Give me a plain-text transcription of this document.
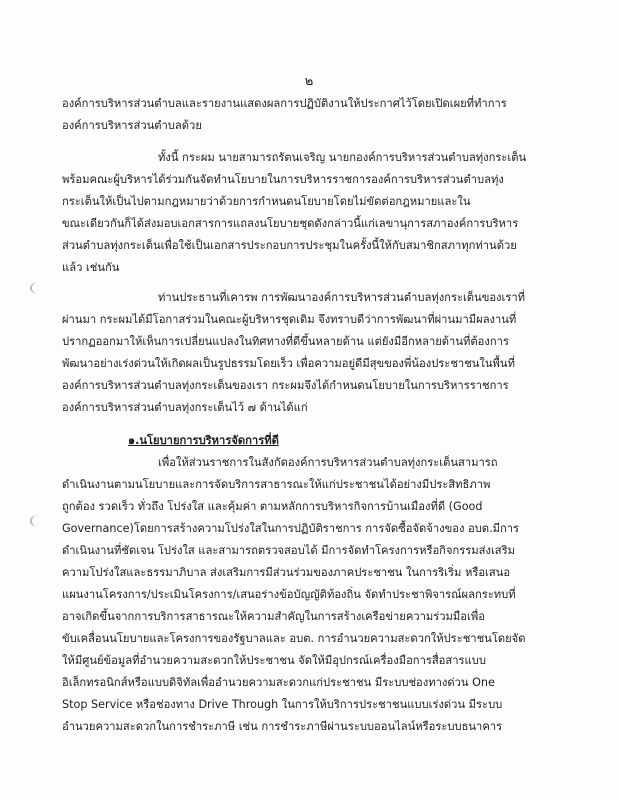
๒
องค์การบริหารส่วนตำบลและรายงานแสดงผลการปฏิบัติงานให้ประกาศไว้โดยเปิดเผยที่ทำการ
องค์การบริหารส่วนตำบลด้วย
ทั้งนี้ กระผม นายสามารถรัตนเจริญ นายกองค์การบริหารส่วนตำบลทุ่งกระเต็น
พร้อมคณะผู้บริหารได้ร่วมกันจัดทำนโยบายในการบริหารราชการองค์การบริหารส่วนตำบลทุ่ง
กระเต็นให้เป็นไปตามกฎหมายว่าด้วยการกำหนดนโยบายโดยไม่ขัดต่อกฎหมายและใน
ขณะเดียวกันก็ได้ส่งมอบเอกสารการแถลงนโยบายชุดดังกล่าวนี้แก่เลขานุการสภาองค์การบริหาร
ส่วนตำบลทุ่งกระเต็นเพื่อใช้เป็นเอกสารประกอบการประชุมในครั้งนี้ให้กับสมาชิกสภาทุกท่านด้วย
แล้ว เช่นกัน
ท่านประธานที่เคารพ การพัฒนาองค์การบริหารส่วนตำบลทุ่งกระเต็นของเราที่
ผ่านมา กระผมได้มีโอกาสร่วมในคณะผู้บริหารชุดเดิม จึงทราบดีว่าการพัฒนาที่ผ่านมามีผลงานที่
ปรากฏออกมาให้เห็นการเปลี่ยนแปลงในทิศทางที่ดีขึ้นหลายด้าน แต่ยังมีอีกหลายด้านที่ต้องการ
พัฒนาอย่างเร่งด่วนให้เกิดผลเป็นรูปธรรมโดยเร็ว เพื่อความอยู่ดีมีสุขของพี่น้องประชาชนในพื้นที่
องค์การบริหารส่วนตำบลทุ่งกระเต็นของเรา กระผมจึงได้กำหนดนโยบายในการบริหารราชการ
องค์การบริหารส่วนตำบลทุ่งกระเต็นไว้ ๗ ด้านได้แก่
๑.นโยบายการบริหารจัดการที่ดี
เพื่อให้ส่วนราชการในสังกัดองค์การบริหารส่วนตำบลทุ่งกระเต็นสามารถ
ดำเนินงานตามนโยบายและการจัดบริการสาธารณะให้แก่ประชาชนได้อย่างมีประสิทธิภาพ
ถูกต้อง รวดเร็ว ทั่วถึง โปร่งใส และคุ้มค่า ตามหลักการบริหารกิจการบ้านเมืองที่ดี (Good
Governance)โดยการสร้างความโปร่งใสในการปฏิบัติราชการ การจัดซื้อจัดจ้างของ อบต.มีการ
ดำเนินงานที่ชัดเจน โปร่งใส และสามารถตรวจสอบได้ มีการจัดทำโครงการหรือกิจกรรมส่งเสริม
ความโปร่งใสและธรรมาภิบาล ส่งเสริมการมีส่วนร่วมของภาคประชาชน ในการริเริ่ม หรือเสนอ
แผนงานโครงการ/ประเมินโครงการ/เสนอร่างข้อบัญญัติท้องถิ่น จัดทำประชาพิจารณ์ผลกระทบที่
อาจเกิดขึ้นจากการบริการสาธารณะให้ความสำคัญในการสร้างเครือข่ายความร่วมมือเพื่อ
ขับเคลื่อนนโยบายและโครงการของรัฐบาลและ อบต. การอำนวยความสะดวกให้ประชาชนโดยจัด
ให้มีศูนย์ข้อมูลที่อำนวยความสะดวกให้ประชาชน จัดให้มีอุปกรณ์เครื่องมือการสื่อสารแบบ
อิเล็กทรอนิกส์หรือแบบดิจิทัลเพื่ออำนวยความสะดวกแก่ประชาชน มีระบบช่องทางด่วน One
Stop Service หรือช่องทาง Drive Through ในการให้บริการประชาชนแบบเร่งด่วน มีระบบ
อำนวยความสะดวกในการชำระภาษี เช่น การชำระภาษีผ่านระบบออนไลน์หรือระบบธนาคาร
